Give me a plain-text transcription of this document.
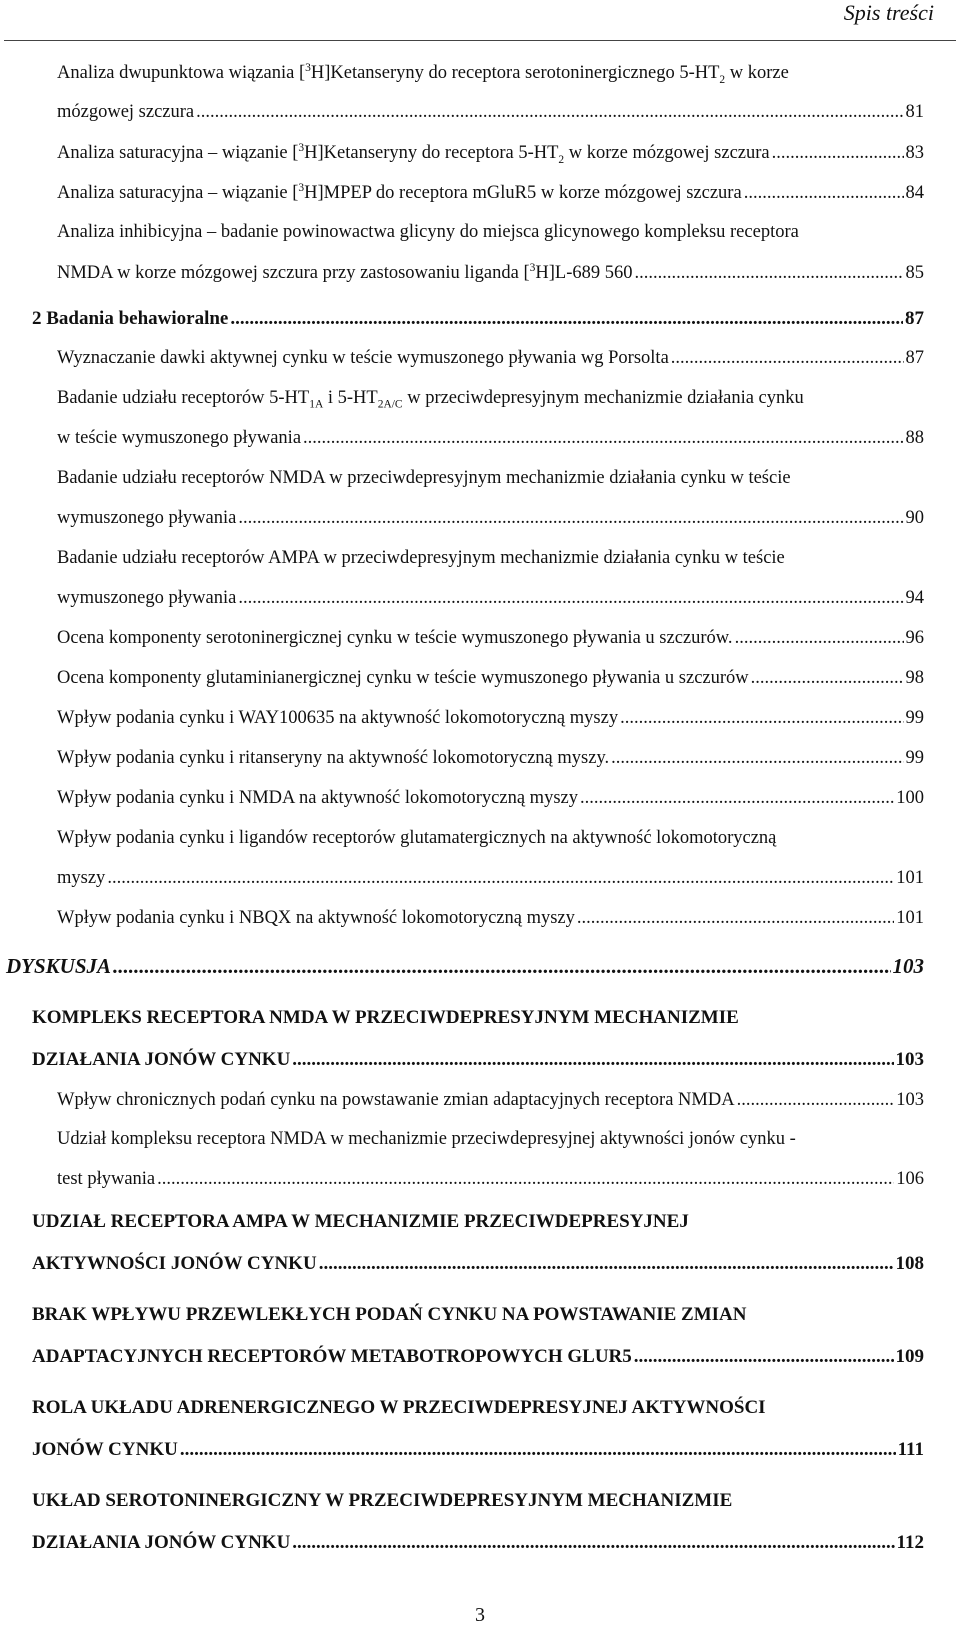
Spis treści
Analiza dwupunktowa wiązania [$^3$H]Ketanseryny do receptora serotoninergicznego $5-HT_2$ w korze
mózgowej szczura .....	81
Analiza saturacyjna – wiązanie [$^3$H]Ketanseryny do receptora $5-HT_2$ w korze mózgowej szczura .....	83
Analiza saturacyjna – wiązanie [$^3$H]MPEP do receptora mGluR5 w korze mózgowej szczura .....	84
Analiza inhibicyjna – badanie powinowactwa glicyny do miejsca glicynowego kompleksu receptora
NMDA w korze mózgowej szczura przy zastosowaniu liganda [$^3$H]L-689 560 .....	85
2 Badania behawioralne .....	87
Wyznaczanie dawki aktywnej cynku w teście wymuszonego pływania wg Porsolta .....	87
Badanie udziału receptorów $5-HT_{1A}$ i $5-HT_{2A/C}$ w przeciwdepresyjnym mechanizmie działania cynku
w teście wymuszonego pływania .....	88
Badanie udziału receptorów NMDA w przeciwdepresyjnym mechanizmie działania cynku w teście
wymuszonego pływania .....	90
Badanie udziału receptorów AMPA w przeciwdepresyjnym mechanizmie działania cynku w teście
wymuszonego pływania .....	94
Ocena komponenty serotoninergicznej cynku w teście wymuszonego pływania u szczurów. .....	96
Ocena komponenty glutaminianergicznej cynku w teście wymuszonego pływania u szczurów .....	98
Wpływ podania cynku i WAY100635 na aktywność lokomotoryczną myszy .....	99
Wpływ podania cynku i ritanseryny na aktywność lokomotoryczną myszy. .....	99
Wpływ podania cynku i NMDA na aktywność lokomotoryczną myszy .....	100
Wpływ podania cynku i ligandów receptorów glutamatergicznych na aktywność lokomotoryczną
myszy .....	101
Wpływ podania cynku i NBQX na aktywność lokomotoryczną myszy .....	101
DYSKUSJA .....	103
KOMPLEKS RECEPTORA NMDA W PRZECIWDEPRESYJNYM MECHANIZMIE
DZIAŁANIA JONÓW CYNKU .....	103
Wpływ chronicznych podań cynku na powstawanie zmian adaptacyjnych receptora NMDA .....	103
Udział kompleksu receptora NMDA w mechanizmie przeciwdepresyjnej aktywności jonów cynku -
test pływania .....	106
UDZIAŁ RECEPTORA AMPA W MECHANIZMIE PRZECIWDEPRESYJNEJ
AKTYWNOŚCI JONÓW CYNKU .....	108
BRAK WPŁYWU PRZEWLEKŁYCH PODAŃ CYNKU NA POWSTAWANIE ZMIAN
ADAPTACYJNYCH RECEPTORÓW METABOTROPOWYCH GLUR5 .....	109
ROLA UKŁADU ADRENERGICZNEGO W PRZECIWDEPRESYJNEJ AKTYWNOŚCI
JONÓW CYNKU .....	111
UKŁAD SEROTONINERGICZNY W PRZECIWDEPRESYJNYM MECHANIZMIE
DZIAŁANIA JONÓW CYNKU .....	112
3
